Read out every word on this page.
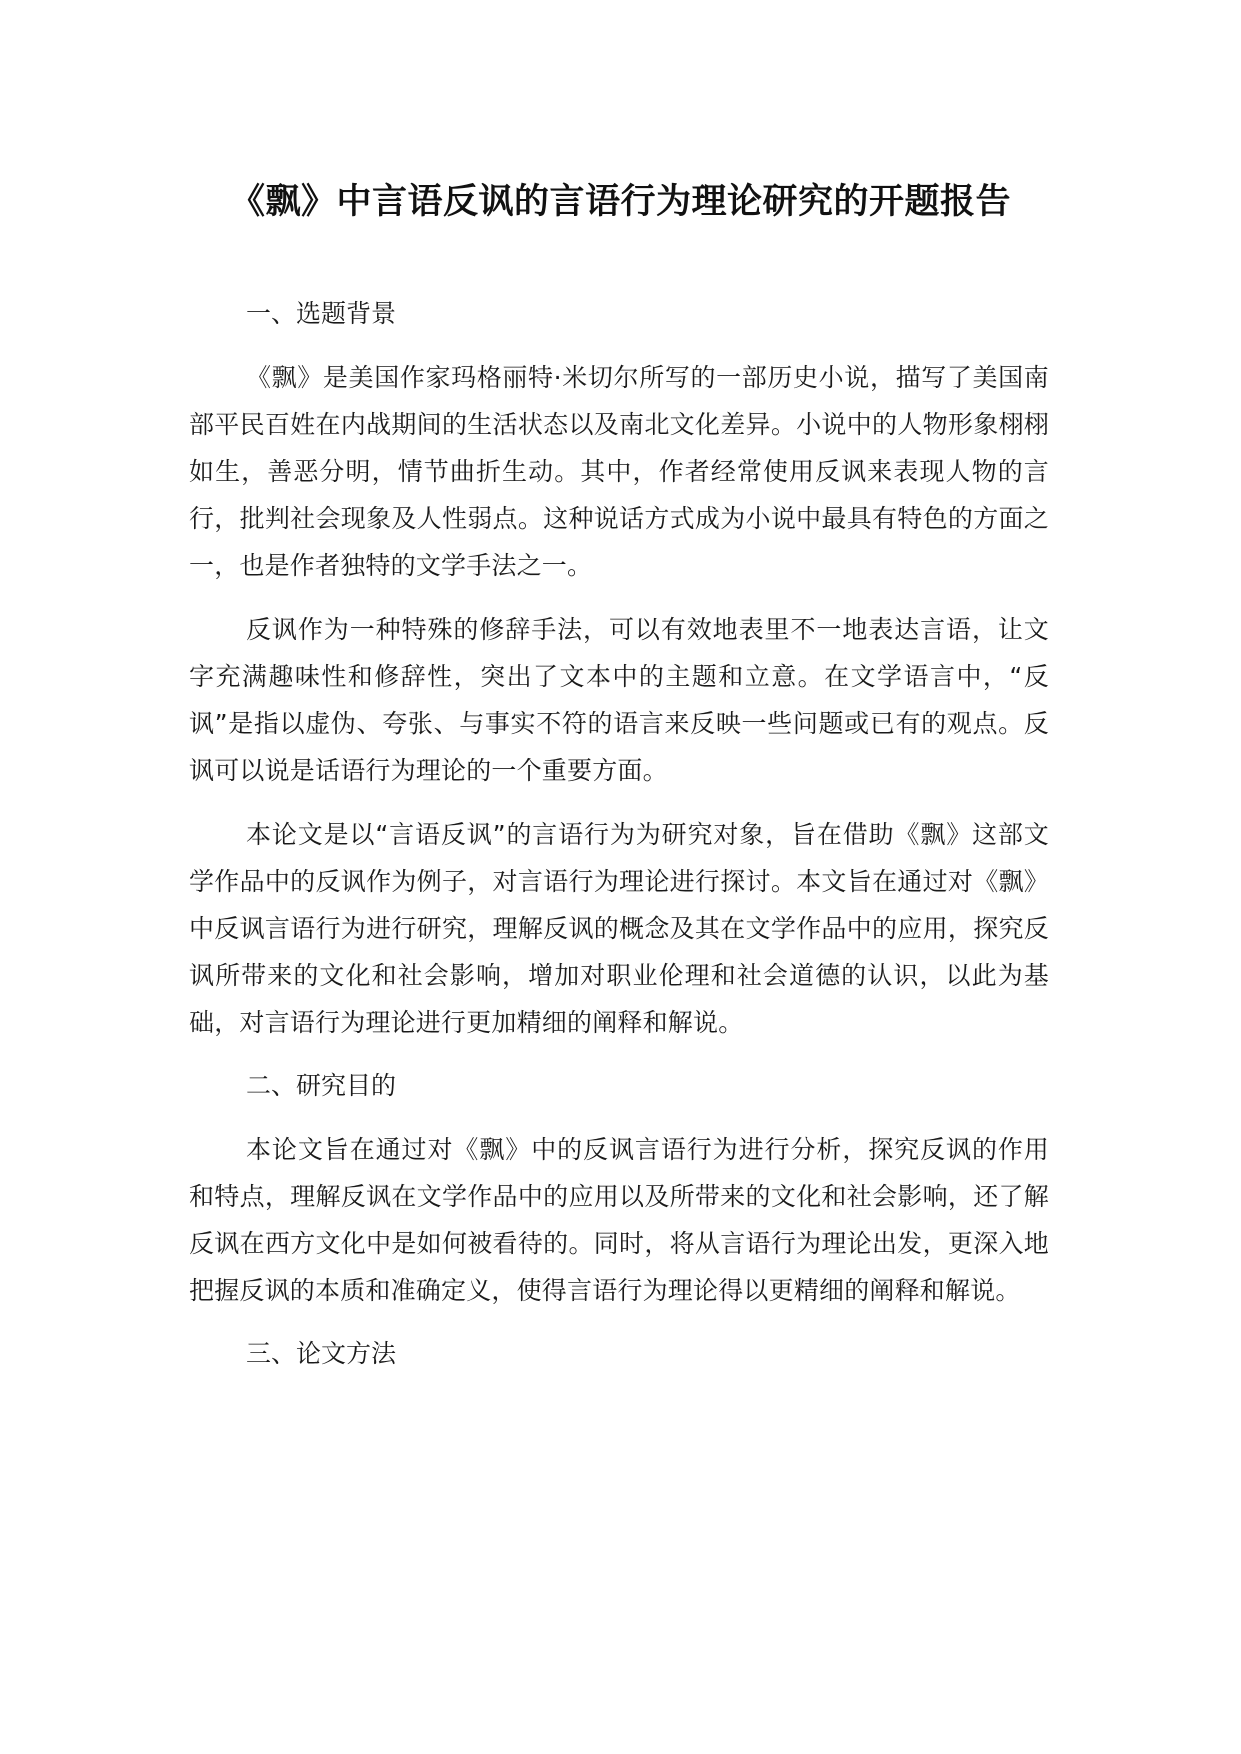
《飘》中言语反讽的言语行为理论研究的开题报告
一、选题背景

《飘》是美国作家玛格丽特·米切尔所写的一部历史小说，描写了美国南部平民百姓在内战期间的生活状态以及南北文化差异。小说中的人物形象栩栩如生，善恶分明，情节曲折生动。其中，作者经常使用反讽来表现人物的言行，批判社会现象及人性弱点。这种说话方式成为小说中最具有特色的方面之一，也是作者独特的文学手法之一。

反讽作为一种特殊的修辞手法，可以有效地表里不一地表达言语，让文字充满趣味性和修辞性，突出了文本中的主题和立意。在文学语言中，“反讽”是指以虚伪、夸张、与事实不符的语言来反映一些问题或已有的观点。反讽可以说是话语行为理论的一个重要方面。

本论文是以“言语反讽”的言语行为为研究对象，旨在借助《飘》这部文学作品中的反讽作为例子，对言语行为理论进行探讨。本文旨在通过对《飘》中反讽言语行为进行研究，理解反讽的概念及其在文学作品中的应用，探究反讽所带来的文化和社会影响，增加对职业伦理和社会道德的认识，以此为基础，对言语行为理论进行更加精细的阐释和解说。

二、研究目的

本论文旨在通过对《飘》中的反讽言语行为进行分析，探究反讽的作用和特点，理解反讽在文学作品中的应用以及所带来的文化和社会影响，还了解反讽在西方文化中是如何被看待的。同时，将从言语行为理论出发，更深入地把握反讽的本质和准确定义，使得言语行为理论得以更精细的阐释和解说。

三、论文方法
